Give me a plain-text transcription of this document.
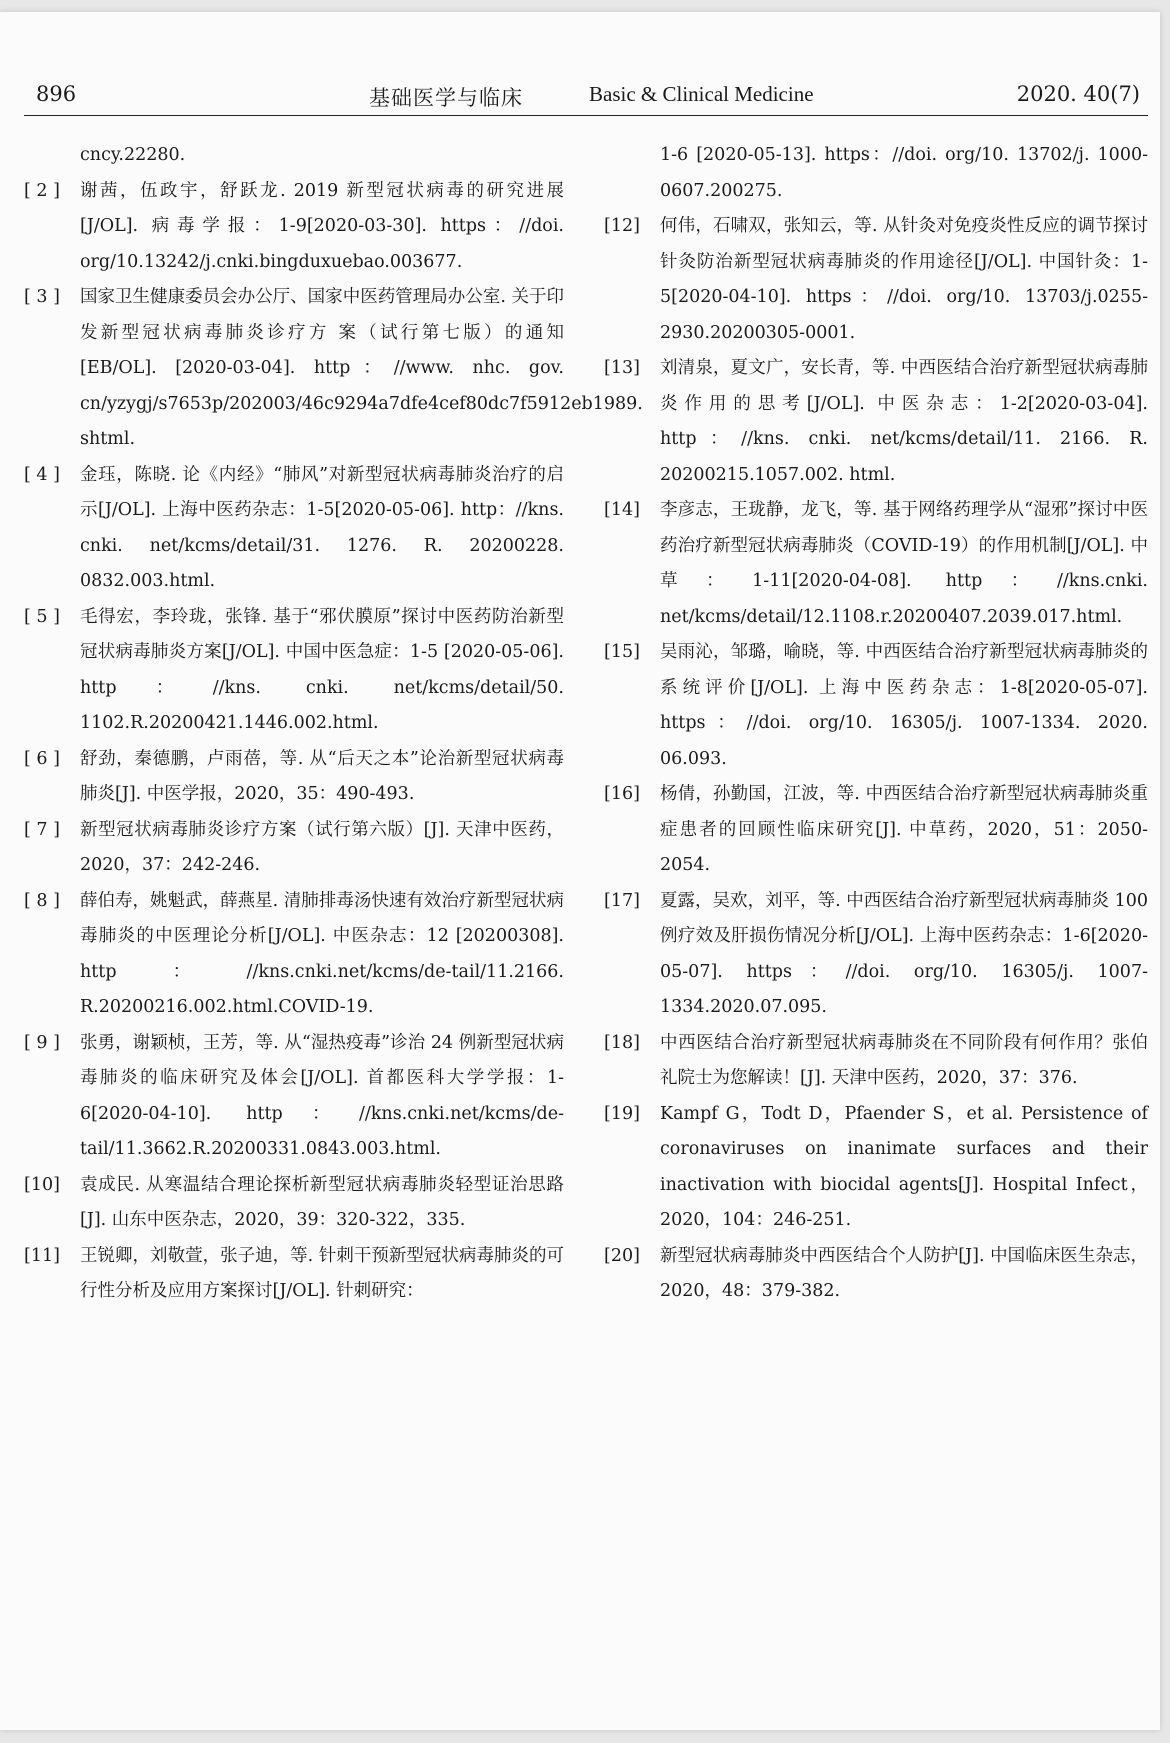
896	基础医学与临床	Basic & Clinical Medicine	2020. 40(7)
cncy.22280.
[ 2 ]	谢茜，伍政宇，舒跃龙. 2019 新型冠状病毒的研究进展[J/OL]. 病毒学报：1-9[2020-03-30]. https：//doi. org/10.13242/j.cnki.bingduxuebao.003677.
[ 3 ]	国家卫生健康委员会办公厅、国家中医药管理局办公室. 关于印发新型冠状病毒肺炎诊疗方 案（试行第七版）的通知[EB/OL]. [2020-03-04]. http：//www. nhc. gov. cn/yzygj/s7653p/202003/46c9294a7dfe4cef80dc7f5912eb1989. shtml.
[ 4 ]	金珏，陈晓. 论《内经》“肺风”对新型冠状病毒肺炎治疗的启示[J/OL]. 上海中医药杂志：1-5[2020-05-06]. http：//kns. cnki. net/kcms/detail/31. 1276. R. 20200228. 0832.003.html.
[ 5 ]	毛得宏，李玲珑，张锋. 基于“邪伏膜原”探讨中医药防治新型冠状病毒肺炎方案[J/OL]. 中国中医急症：1-5 [2020-05-06]. http：//kns. cnki. net/kcms/detail/50. 1102.R.20200421.1446.002.html.
[ 6 ]	舒劲，秦德鹏，卢雨蓓，等. 从“后天之本”论治新型冠状病毒肺炎[J]. 中医学报，2020，35：490-493.
[ 7 ]	新型冠状病毒肺炎诊疗方案（试行第六版）[J]. 天津中医药，2020，37：242-246.
[ 8 ]	薛伯寿，姚魁武，薛燕星. 清肺排毒汤快速有效治疗新型冠状病毒肺炎的中医理论分析[J/OL]. 中医杂志：12 [20200308]. http：//kns.cnki.net/kcms/de-tail/11.2166. R.20200216.002.html.COVID-19.
[ 9 ]	张勇，谢颖桢，王芳，等. 从“湿热疫毒”诊治 24 例新型冠状病毒肺炎的临床研究及体会[J/OL]. 首都医科大学学报：1-6[2020-04-10]. http：//kns.cnki.net/kcms/de-tail/11.3662.R.20200331.0843.003.html.
[10]	袁成民. 从寒温结合理论探析新型冠状病毒肺炎轻型证治思路[J]. 山东中医杂志，2020，39：320-322，335.
[11]	王锐卿，刘敬萱，张子迪，等. 针刺干预新型冠状病毒肺炎的可行性分析及应用方案探讨[J/OL]. 针刺研究：
1-6 [2020-05-13]. https：//doi. org/10. 13702/j. 1000-0607.200275.
[12]	何伟，石啸双，张知云，等. 从针灸对免疫炎性反应的调节探讨针灸防治新型冠状病毒肺炎的作用途径[J/OL]. 中国针灸：1-5[2020-04-10]. https：//doi. org/10. 13703/j.0255-2930.20200305-0001.
[13]	刘清泉，夏文广，安长青，等. 中西医结合治疗新型冠状病毒肺炎作用的思考[J/OL]. 中医杂志：1-2[2020-03-04]. http：//kns. cnki. net/kcms/detail/11. 2166. R. 20200215.1057.002. html.
[14]	李彦志，王珑静，龙飞，等. 基于网络药理学从“湿邪”探讨中医药治疗新型冠状病毒肺炎（COVID-19）的作用机制[J/OL]. 中草：1-11[2020-04-08]. http：//kns.cnki. net/kcms/detail/12.1108.r.20200407.2039.017.html.
[15]	吴雨沁，邹璐，喻晓，等. 中西医结合治疗新型冠状病毒肺炎的系统评价[J/OL]. 上海中医药杂志：1-8[2020-05-07]. https：//doi. org/10. 16305/j. 1007-1334. 2020. 06.093.
[16]	杨倩，孙勤国，江波，等. 中西医结合治疗新型冠状病毒肺炎重症患者的回顾性临床研究[J]. 中草药，2020，51：2050-2054.
[17]	夏露，吴欢，刘平，等. 中西医结合治疗新型冠状病毒肺炎 100 例疗效及肝损伤情况分析[J/OL]. 上海中医药杂志：1-6[2020-05-07]. https：//doi. org/10. 16305/j. 1007-1334.2020.07.095.
[18]	中西医结合治疗新型冠状病毒肺炎在不同阶段有何作用？张伯礼院士为您解读！[J]. 天津中医药，2020，37：376.
[19]	Kampf G，Todt D，Pfaender S，et al. Persistence of coronaviruses on inanimate surfaces and their inactivation with biocidal agents[J]. Hospital Infect，2020，104：246-251.
[20]	新型冠状病毒肺炎中西医结合个人防护[J]. 中国临床医生杂志，2020，48：379-382.
